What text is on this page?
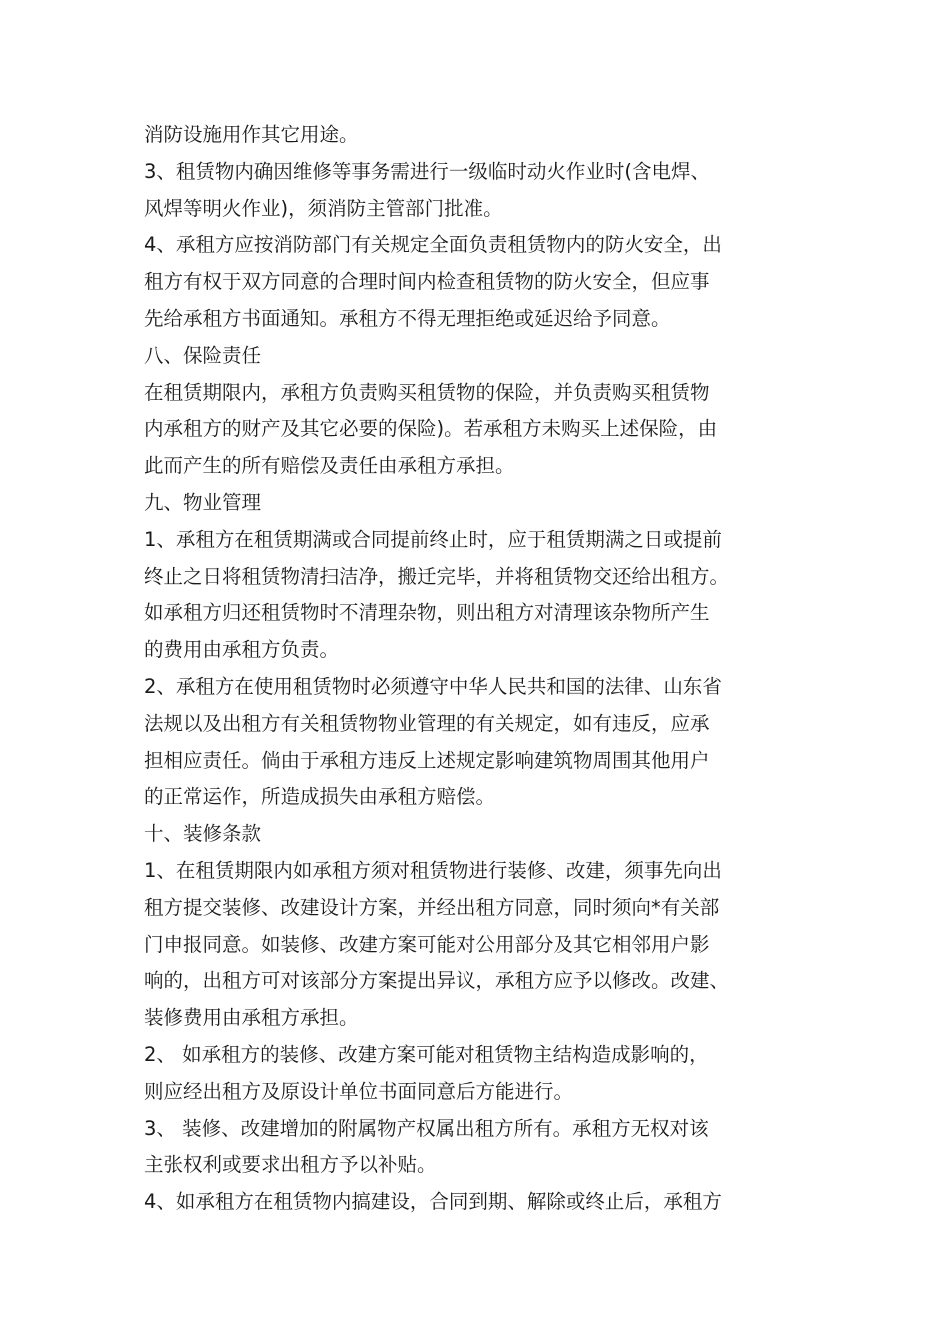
消防设施用作其它用途。
3、租赁物内确因维修等事务需进行一级临时动火作业时(含电焊、
风焊等明火作业)，须消防主管部门批准。
4、承租方应按消防部门有关规定全面负责租赁物内的防火安全，出
租方有权于双方同意的合理时间内检查租赁物的防火安全，但应事
先给承租方书面通知。承租方不得无理拒绝或延迟给予同意。
八、保险责任
在租赁期限内，承租方负责购买租赁物的保险，并负责购买租赁物
内承租方的财产及其它必要的保险)。若承租方未购买上述保险，由
此而产生的所有赔偿及责任由承租方承担。
九、物业管理
1、承租方在租赁期满或合同提前终止时，应于租赁期满之日或提前
终止之日将租赁物清扫洁净，搬迁完毕，并将租赁物交还给出租方。
如承租方归还租赁物时不清理杂物，则出租方对清理该杂物所产生
的费用由承租方负责。
2、承租方在使用租赁物时必须遵守中华人民共和国的法律、山东省
法规以及出租方有关租赁物物业管理的有关规定，如有违反，应承
担相应责任。倘由于承租方违反上述规定影响建筑物周围其他用户
的正常运作，所造成损失由承租方赔偿。
十、装修条款
1、在租赁期限内如承租方须对租赁物进行装修、改建，须事先向出
租方提交装修、改建设计方案，并经出租方同意，同时须向*有关部
门申报同意。如装修、改建方案可能对公用部分及其它相邻用户影
响的，出租方可对该部分方案提出异议，承租方应予以修改。改建、
装修费用由承租方承担。
2、 如承租方的装修、改建方案可能对租赁物主结构造成影响的，
则应经出租方及原设计单位书面同意后方能进行。
3、 装修、改建增加的附属物产权属出租方所有。承租方无权对该
主张权利或要求出租方予以补贴。
4、如承租方在租赁物内搞建设，合同到期、解除或终止后，承租方
